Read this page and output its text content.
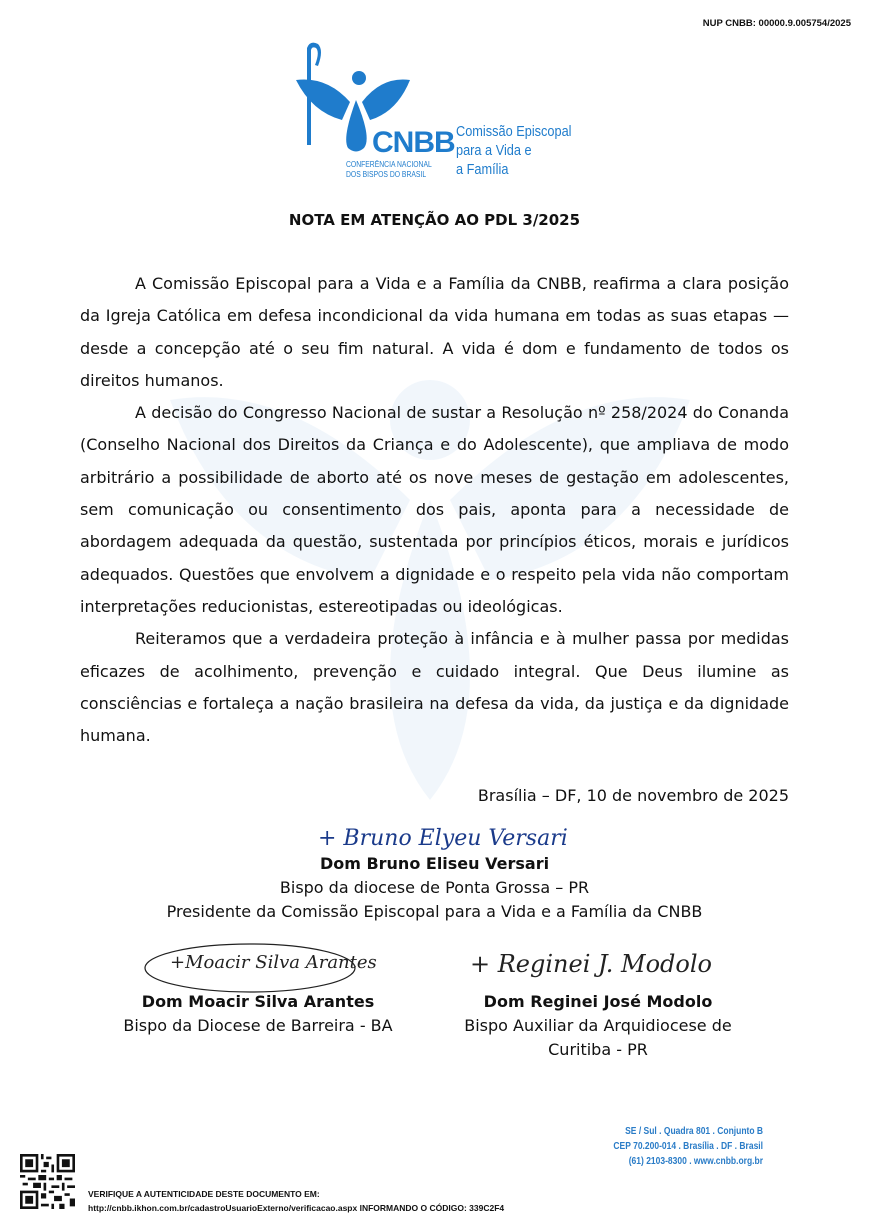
NUP CNBB: 00000.9.005754/2025
CNBB
CONFERÊNCIA NACIONAL
DOS BISPOS DO BRASIL
Comissão Episcopal
para a Vida e
a Família
NOTA EM ATENÇÃO AO PDL 3/2025

A Comissão Episcopal para a Vida e a Família da CNBB, reafirma a clara posição da Igreja Católica em defesa incondicional da vida humana em todas as suas etapas — desde a concepção até o seu fim natural. A vida é dom e fundamento de todos os direitos humanos.

A decisão do Congresso Nacional de sustar a Resolução nº 258/2024 do Conanda (Conselho Nacional dos Direitos da Criança e do Adolescente), que ampliava de modo arbitrário a possibilidade de aborto até os nove meses de gestação em adolescentes, sem comunicação ou consentimento dos pais, aponta para a necessidade de abordagem adequada da questão, sustentada por princípios éticos, morais e jurídicos adequados. Questões que envolvem a dignidade e o respeito pela vida não comportam interpretações reducionistas, estereotipadas ou ideológicas.

Reiteramos que a verdadeira proteção à infância e à mulher passa por medidas eficazes de acolhimento, prevenção e cuidado integral. Que Deus ilumine as consciências e fortaleça a nação brasileira na defesa da vida, da justiça e da dignidade humana.

Brasília – DF, 10 de novembro de 2025
+ Bruno Elyeu Versari
Dom Bruno Eliseu Versari
Bispo da diocese de Ponta Grossa – PR
Presidente da Comissão Episcopal para a Vida e a Família da CNBB
+Moacir Silva Arantes
Dom Moacir Silva Arantes
Bispo da Diocese de Barreira - BA
+ Reginei J. Modolo
Dom Reginei José Modolo
Bispo Auxiliar da Arquidiocese de
Curitiba - PR
SE / Sul . Quadra 801 . Conjunto B
CEP 70.200-014 . Brasília . DF . Brasil
(61) 2103-8300 . www.cnbb.org.br
VERIFIQUE A AUTENTICIDADE DESTE DOCUMENTO EM:
http://cnbb.ikhon.com.br/cadastroUsuarioExterno/verificacao.aspx INFORMANDO O CÓDIGO: 339C2F4
